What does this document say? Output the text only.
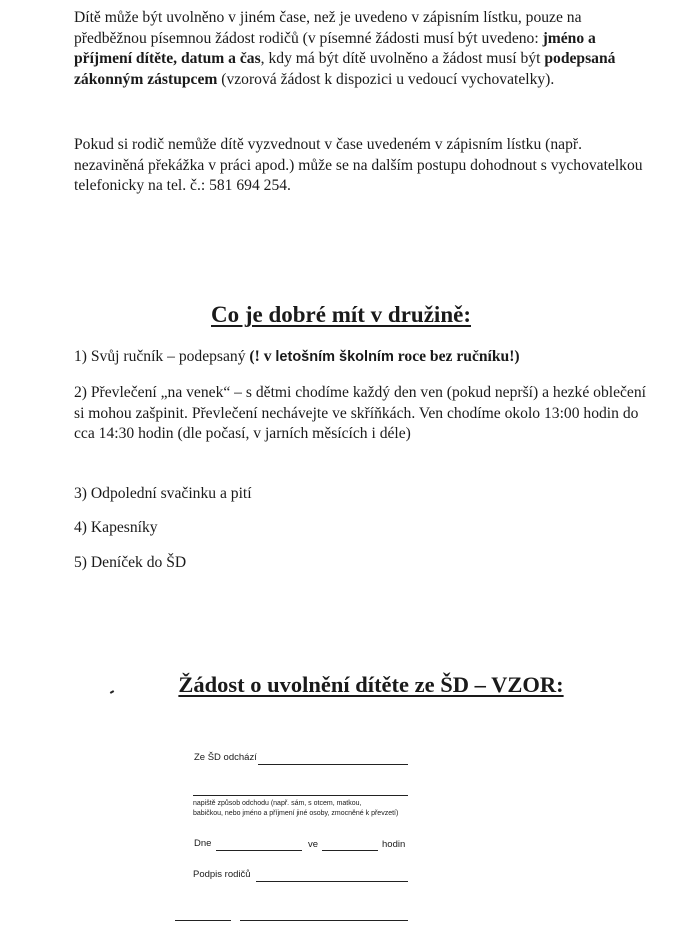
Dítě může být uvolněno v jiném čase, než je uvedeno v zápisním lístku, pouze na předběžnou písemnou žádost rodičů (v písemné žádosti musí být uvedeno: jméno a příjmení dítěte, datum a čas, kdy má být dítě uvolněno a žádost musí být podepsaná zákonným zástupcem (vzorová žádost k dispozici u vedoucí vychovatelky).

Pokud si rodič nemůže dítě vyzvednout v čase uvedeném v zápisním lístku (např. nezaviněná překážka v práci apod.) může se na dalším postupu dohodnout s vychovatelkou telefonicky na tel. č.: 581 694 254.

Co je dobré mít v družině:

1) Svůj ručník – podepsaný (! v letošním školním roce bez ručníku!)

2) Převlečení „na venek“ – s dětmi chodíme každý den ven (pokud neprší) a hezké oblečení si mohou zašpinit. Převlečení nechávejte ve skříňkách. Ven chodíme okolo 13:00 hodin do cca 14:30 hodin (dle počasí, v jarních měsících i déle)

3) Odpolední svačinku a pití

4) Kapesníky

5) Deníček do ŠD

Žádost o uvolnění dítěte ze ŠD – VZOR:
Ze ŠD odchází
napiště způsob odchodu (např. sám, s otcem, matkou,
babičkou, nebo jméno a příjmení jiné osoby, zmocněné k převzetí)
Dne	ve	hodin
Podpis rodičů
